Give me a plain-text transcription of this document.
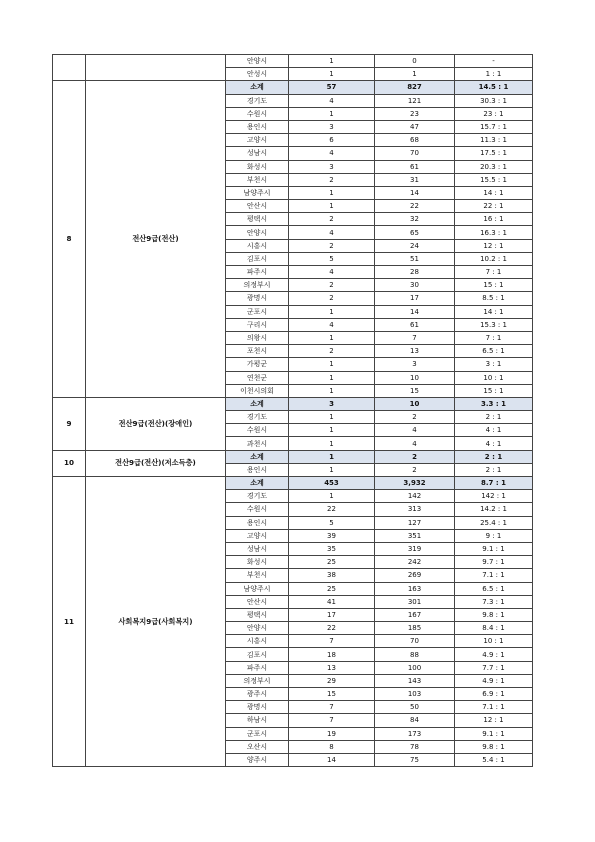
		안양시	1	0	-
		안성시	1	1	1 : 1
8	전산9급(전산)	소계	57	827	14.5 : 1
		경기도	4	121	30.3 : 1
		수원시	1	23	23 : 1
		용인시	3	47	15.7 : 1
		고양시	6	68	11.3 : 1
		성남시	4	70	17.5 : 1
		화성시	3	61	20.3 : 1
		부천시	2	31	15.5 : 1
		남양주시	1	14	14 : 1
		안산시	1	22	22 : 1
		평택시	2	32	16 : 1
		안양시	4	65	16.3 : 1
		시흥시	2	24	12 : 1
		김포시	5	51	10.2 : 1
		파주시	4	28	7 : 1
		의정부시	2	30	15 : 1
		광명시	2	17	8.5 : 1
		군포시	1	14	14 : 1
		구리시	4	61	15.3 : 1
		의왕시	1	7	7 : 1
		포천시	2	13	6.5 : 1
		가평군	1	3	3 : 1
		연천군	1	10	10 : 1
		이천시의회	1	15	15 : 1
9	전산9급(전산)(장애인)	소계	3	10	3.3 : 1
		경기도	1	2	2 : 1
		수원시	1	4	4 : 1
		과천시	1	4	4 : 1
10	전산9급(전산)(저소득층)	소계	1	2	2 : 1
		용인시	1	2	2 : 1
11	사회복지9급(사회복지)	소계	453	3,932	8.7 : 1
		경기도	1	142	142 : 1
		수원시	22	313	14.2 : 1
		용인시	5	127	25.4 : 1
		고양시	39	351	9 : 1
		성남시	35	319	9.1 : 1
		화성시	25	242	9.7 : 1
		부천시	38	269	7.1 : 1
		남양주시	25	163	6.5 : 1
		안산시	41	301	7.3 : 1
		평택시	17	167	9.8 : 1
		안양시	22	185	8.4 : 1
		시흥시	7	70	10 : 1
		김포시	18	88	4.9 : 1
		파주시	13	100	7.7 : 1
		의정부시	29	143	4.9 : 1
		광주시	15	103	6.9 : 1
		광명시	7	50	7.1 : 1
		하남시	7	84	12 : 1
		군포시	19	173	9.1 : 1
		오산시	8	78	9.8 : 1
		양주시	14	75	5.4 : 1
